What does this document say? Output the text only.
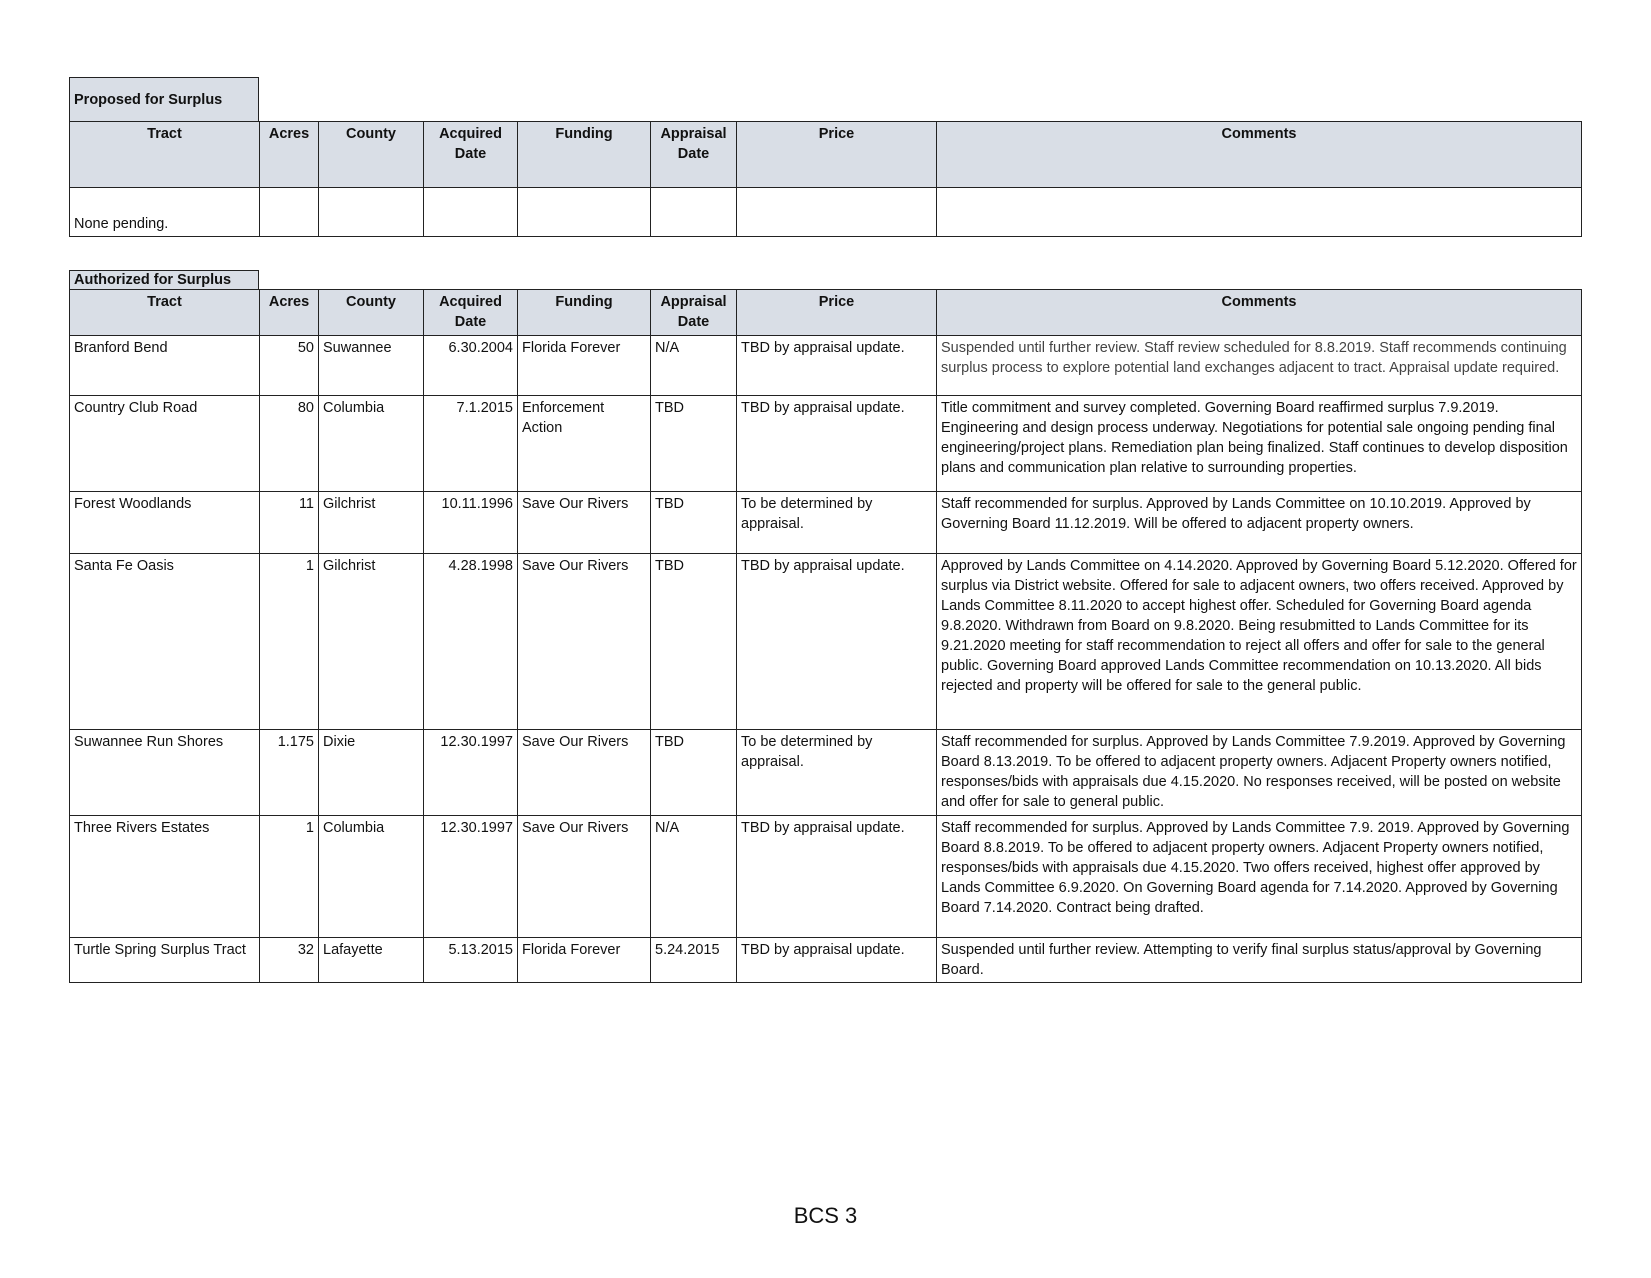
Proposed for Surplus
Tract	Acres	County	Acquired Date	Funding	Appraisal Date	Price	Comments
None pending.							
Authorized for Surplus
Tract	Acres	County	Acquired Date	Funding	Appraisal Date	Price	Comments
Branford Bend	50	Suwannee	6.30.2004	Florida Forever	N/A	TBD by appraisal update.	Suspended until further review. Staff review scheduled for 8.8.2019. Staff recommends continuing surplus process to explore potential land exchanges adjacent to tract. Appraisal update required.
Country Club Road	80	Columbia	7.1.2015	Enforcement Action	TBD	TBD by appraisal update.	Title commitment and survey completed. Governing Board reaffirmed surplus 7.9.2019. Engineering and design process underway. Negotiations for potential sale ongoing pending final engineering/project plans. Remediation plan being finalized. Staff continues to develop disposition plans and communication plan relative to surrounding properties.
Forest Woodlands	11	Gilchrist	10.11.1996	Save Our Rivers	TBD	To be determined by appraisal.	Staff recommended for surplus. Approved by Lands Committee on 10.10.2019. Approved by Governing Board 11.12.2019. Will be offered to adjacent property owners.
Santa Fe Oasis	1	Gilchrist	4.28.1998	Save Our Rivers	TBD	TBD by appraisal update.	Approved by Lands Committee on 4.14.2020. Approved by Governing Board 5.12.2020. Offered for surplus via District website. Offered for sale to adjacent owners, two offers received. Approved by Lands Committee 8.11.2020 to accept highest offer. Scheduled for Governing Board agenda 9.8.2020. Withdrawn from Board on 9.8.2020. Being resubmitted to Lands Committee for its 9.21.2020 meeting for staff recommendation to reject all offers and offer for sale to the general public. Governing Board approved Lands Committee recommendation on 10.13.2020. All bids rejected and property will be offered for sale to the general public.
Suwannee Run Shores	1.175	Dixie	12.30.1997	Save Our Rivers	TBD	To be determined by appraisal.	Staff recommended for surplus. Approved by Lands Committee 7.9.2019. Approved by Governing Board 8.13.2019. To be offered to adjacent property owners. Adjacent Property owners notified, responses/bids with appraisals due 4.15.2020. No responses received, will be posted on website and offer for sale to general public.
Three Rivers Estates	1	Columbia	12.30.1997	Save Our Rivers	N/A	TBD by appraisal update.	Staff recommended for surplus. Approved by Lands Committee 7.9. 2019. Approved by Governing Board 8.8.2019. To be offered to adjacent property owners. Adjacent Property owners notified, responses/bids with appraisals due 4.15.2020. Two offers received, highest offer approved by Lands Committee 6.9.2020. On Governing Board agenda for 7.14.2020. Approved by Governing Board 7.14.2020. Contract being drafted.
Turtle Spring Surplus Tract	32	Lafayette	5.13.2015	Florida Forever	5.24.2015	TBD by appraisal update.	Suspended until further review. Attempting to verify final surplus status/approval by Governing Board.
BCS 3
